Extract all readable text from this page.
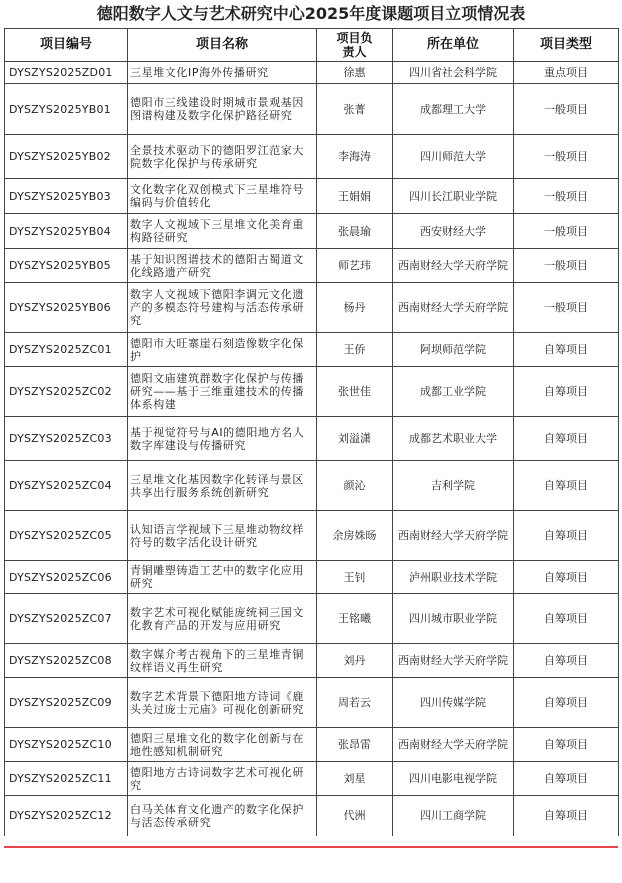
德阳数字人文与艺术研究中心2025年度课题项目立项情况表
项目编号	项目名称	项目负责人	所在单位	项目类型
DYSZYS2025ZD01	三星堆文化IP海外传播研究	徐惠	四川省社会科学院	重点项目
DYSZYS2025YB01	德阳市三线建设时期城市景观基因图谱构建及数字化保护路径研究	张菁	成都理工大学	一般项目
DYSZYS2025YB02	全景技术驱动下的德阳罗江范家大院数字化保护与传承研究	李海涛	四川师范大学	一般项目
DYSZYS2025YB03	文化数字化双创模式下三星堆符号编码与价值转化	王娟娟	四川长江职业学院	一般项目
DYSZYS2025YB04	数字人文视域下三星堆文化美育重构路径研究	张晨瑜	西安财经大学	一般项目
DYSZYS2025YB05	基于知识图谱技术的德阳古蜀道文化线路遗产研究	师艺玮	西南财经大学天府学院	一般项目
DYSZYS2025YB06	数字人文视域下德阳李调元文化遗产的多模态符号建构与活态传承研究	杨丹	西南财经大学天府学院	一般项目
DYSZYS2025ZC01	德阳市大旺寨崖石刻造像数字化保护	王侨	阿坝师范学院	自筹项目
DYSZYS2025ZC02	德阳文庙建筑群数字化保护与传播研究——基于三维重建技术的传播体系构建	张世佳	成都工业学院	自筹项目
DYSZYS2025ZC03	基于视觉符号与AI的德阳地方名人数字库建设与传播研究	刘溢潇	成都艺术职业大学	自筹项目
DYSZYS2025ZC04	三星堆文化基因数字化转译与景区共享出行服务系统创新研究	颜沁	吉利学院	自筹项目
DYSZYS2025ZC05	认知语言学视域下三星堆动物纹样符号的数字活化设计研究	余房姝旸	西南财经大学天府学院	自筹项目
DYSZYS2025ZC06	青铜雕塑铸造工艺中的数字化应用研究	王钊	泸州职业技术学院	自筹项目
DYSZYS2025ZC07	数字艺术可视化赋能庞统祠三国文化教育产品的开发与应用研究	王铭曦	四川城市职业学院	自筹项目
DYSZYS2025ZC08	数字媒介考古视角下的三星堆青铜纹样语义再生研究	刘丹	西南财经大学天府学院	自筹项目
DYSZYS2025ZC09	数字艺术背景下德阳地方诗词《鹿头关过庞士元庙》可视化创新研究	周若云	四川传媒学院	自筹项目
DYSZYS2025ZC10	德阳三星堆文化的数字化创新与在地性感知机制研究	张昂雷	西南财经大学天府学院	自筹项目
DYSZYS2025ZC11	德阳地方古诗词数字艺术可视化研究	刘星	四川电影电视学院	自筹项目
DYSZYS2025ZC12	白马关体育文化遗产的数字化保护与活态传承研究	代洲	四川工商学院	自筹项目
